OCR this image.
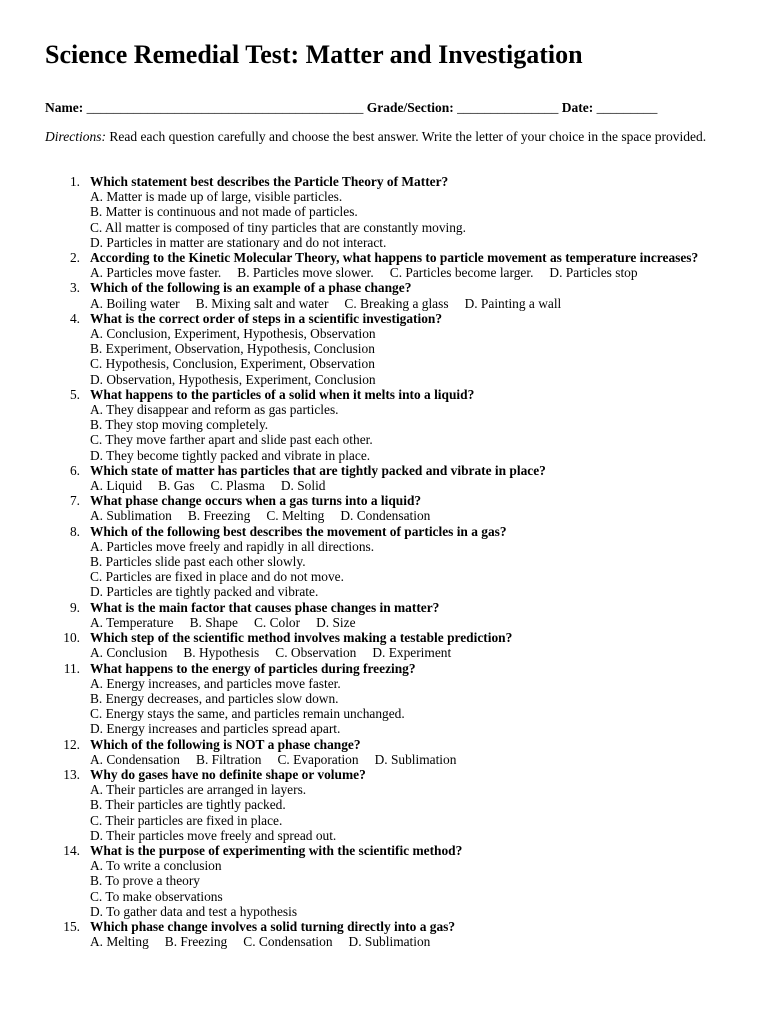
Science Remedial Test: Matter and Investigation
Name: _________________________________________ Grade/Section: _______________ Date: _________
Directions: Read each question carefully and choose the best answer. Write the letter of your choice in the space provided.
1. Which statement best describes the Particle Theory of Matter?
A. Matter is made up of large, visible particles.
B. Matter is continuous and not made of particles.
C. All matter is composed of tiny particles that are constantly moving.
D. Particles in matter are stationary and do not interact.
2. According to the Kinetic Molecular Theory, what happens to particle movement as temperature increases?
A. Particles move faster. B. Particles move slower. C. Particles become larger. D. Particles stop
3. Which of the following is an example of a phase change?
A. Boiling water B. Mixing salt and water C. Breaking a glass D. Painting a wall
4. What is the correct order of steps in a scientific investigation?
A. Conclusion, Experiment, Hypothesis, Observation
B. Experiment, Observation, Hypothesis, Conclusion
C. Hypothesis, Conclusion, Experiment, Observation
D. Observation, Hypothesis, Experiment, Conclusion
5. What happens to the particles of a solid when it melts into a liquid?
A. They disappear and reform as gas particles.
B. They stop moving completely.
C. They move farther apart and slide past each other.
D. They become tightly packed and vibrate in place.
6. Which state of matter has particles that are tightly packed and vibrate in place?
A. Liquid B. Gas C. Plasma D. Solid
7. What phase change occurs when a gas turns into a liquid?
A. Sublimation B. Freezing C. Melting D. Condensation
8. Which of the following best describes the movement of particles in a gas?
A. Particles move freely and rapidly in all directions.
B. Particles slide past each other slowly.
C. Particles are fixed in place and do not move.
D. Particles are tightly packed and vibrate.
9. What is the main factor that causes phase changes in matter?
A. Temperature B. Shape C. Color D. Size
10. Which step of the scientific method involves making a testable prediction?
A. Conclusion B. Hypothesis C. Observation D. Experiment
11. What happens to the energy of particles during freezing?
A. Energy increases, and particles move faster.
B. Energy decreases, and particles slow down.
C. Energy stays the same, and particles remain unchanged.
D. Energy increases and particles spread apart.
12. Which of the following is NOT a phase change?
A. Condensation B. Filtration C. Evaporation D. Sublimation
13. Why do gases have no definite shape or volume?
A. Their particles are arranged in layers.
B. Their particles are tightly packed.
C. Their particles are fixed in place.
D. Their particles move freely and spread out.
14. What is the purpose of experimenting with the scientific method?
A. To write a conclusion
B. To prove a theory
C. To make observations
D. To gather data and test a hypothesis
15. Which phase change involves a solid turning directly into a gas?
A. Melting B. Freezing C. Condensation D. Sublimation
